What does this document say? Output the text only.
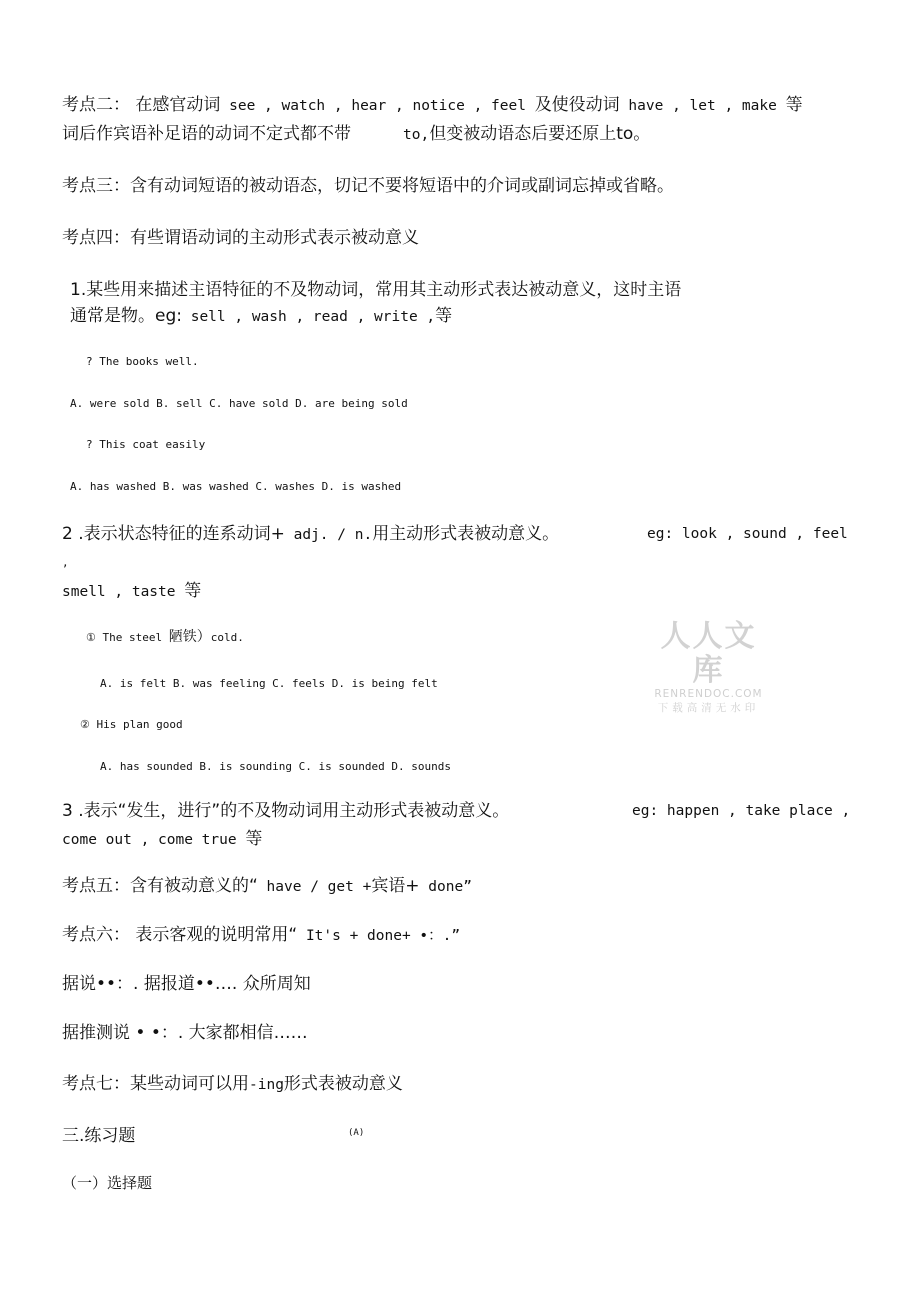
考点二： 在感官动词 see , watch , hear , notice , feel 及使役动词 have , let , make 等
词后作宾语补足语的动词不定式都不带	to,但变被动语态后要还原上to。
考点三：含有动词短语的被动语态，切记不要将短语中的介词或副词忘掉或省略。
考点四：有些谓语动词的主动形式表示被动意义
1.某些用来描述主语特征的不及物动词，常用其主动形式表达被动意义，这时主语
通常是物。eg: sell , wash , read , write ,等
? The books well.
A. were sold B. sell C. have sold D. are being sold
? This coat easily
A. has washed B. was washed C. washes D. is washed
2 .表示状态特征的连系动词+ adj. / n.用主动形式表被动意义。	eg: look , sound , feel
,
smell , taste 等
① The steel 陋铁）cold.
A. is felt B. was feeling C. feels D. is being felt
② His plan good
A. has sounded B. is sounding C. is sounded D. sounds
3 .表示“发生，进行”的不及物动词用主动形式表被动意义。	eg: happen , take place ,
come out , come true 等
考点五：含有被动意义的“ have / get +宾语+ done”
考点六： 表示客观的说明常用“ It's + done+ •：.”
据说••：. 据报道••…. 众所周知
据推测说 • •：. 大家都相信……
考点七：某些动词可以用-ing形式表被动意义
三.练习题	(A)
（一）选择题
人人文库
RENRENDOC.COM
下载高清无水印
